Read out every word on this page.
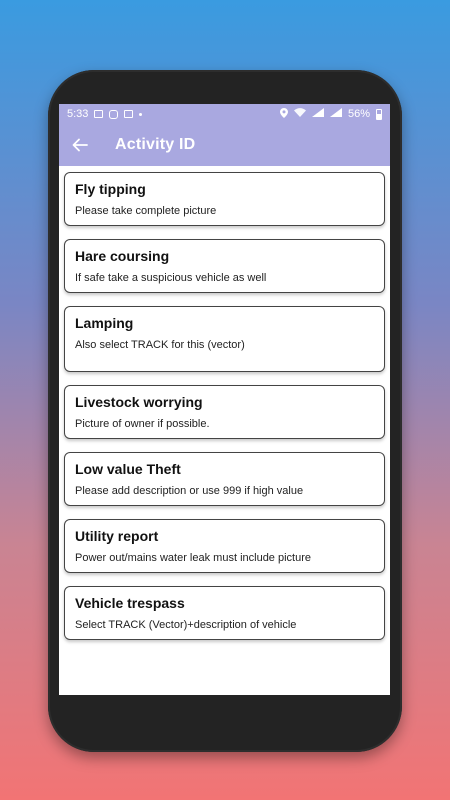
5:33	56%
Activity ID
Fly tipping
Please take complete picture
Hare coursing
If safe take a suspicious vehicle as well
Lamping
Also select TRACK for this (vector)
Livestock worrying
Picture of owner if possible.
Low value Theft
Please add description or use 999 if high value
Utility report
Power out/mains water leak must include picture
Vehicle trespass
Select TRACK (Vector)+description of vehicle
